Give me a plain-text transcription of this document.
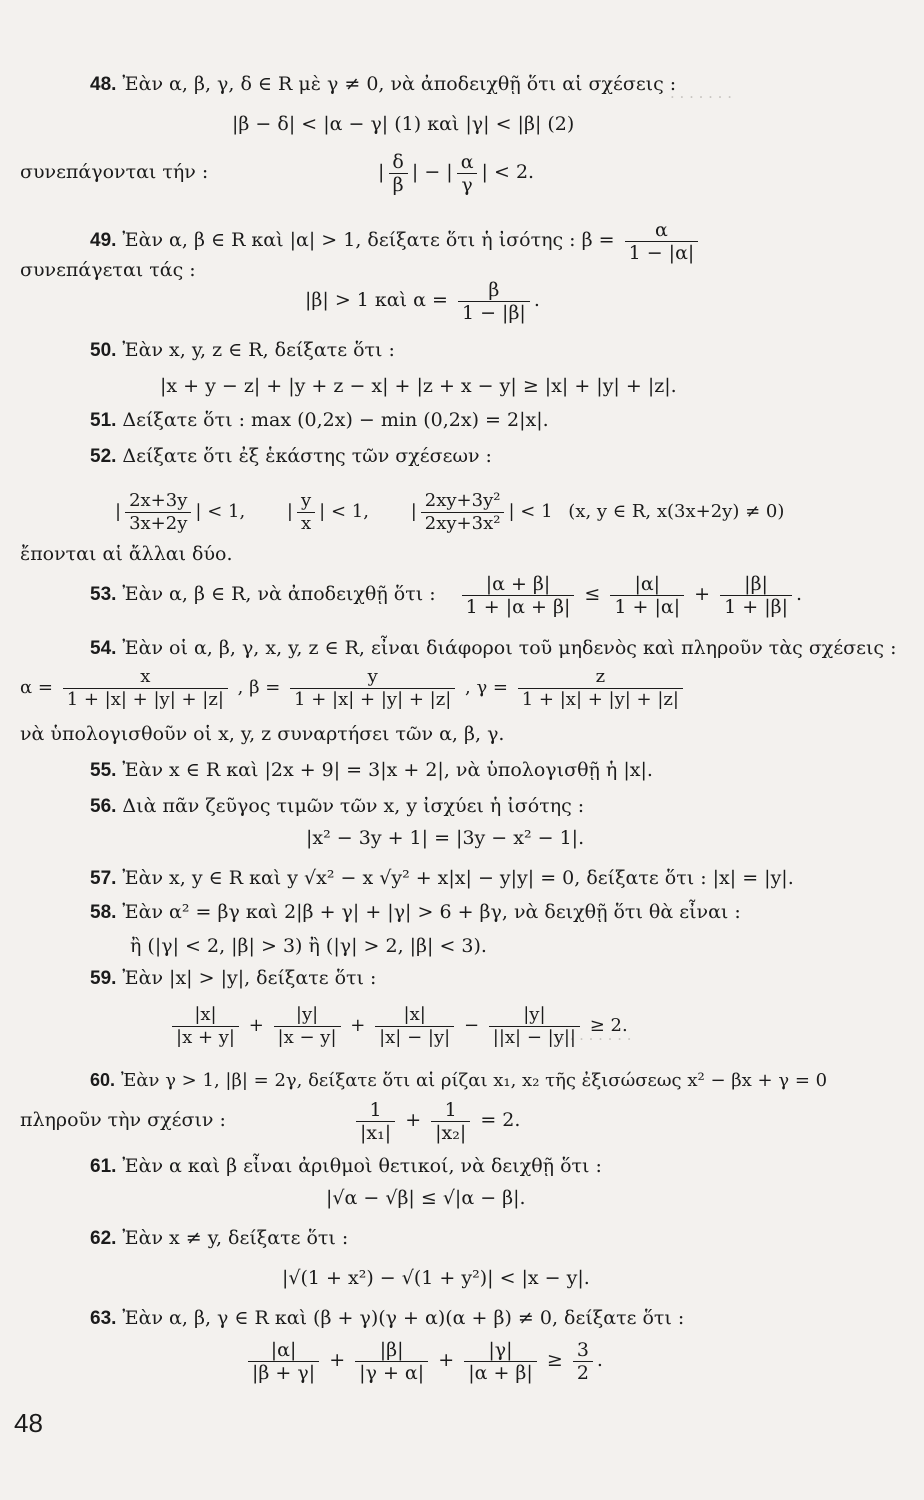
· · · · · · ·
· · · · · · · ·
48. Ἐὰν α, β, γ, δ ∈ R μὲ γ ≠ 0, νὰ ἀποδειχθῇ ὅτι αἱ σχέσεις :
|β − δ| < |α − γ| (1) καὶ |γ| < |β| (2)
συνεπάγονται τήν :	| $\frac{\delta}{\beta}$ | − | $\frac{\alpha}{\gamma}$ | < 2.
49. Ἐὰν α, β ∈ R καὶ |α| > 1, δείξατε ὅτι ἡ ἰσότης : $\beta = \frac{\alpha}{1 - |\alpha|}$
συνεπάγεται τάς :
|β| > 1 καὶ $\alpha = \frac{\beta}{1 - |\beta|}$ .
50. Ἐὰν x, y, z ∈ R, δείξατε ὅτι :
|x + y − z| + |y + z − x| + |z + x − y| ≥ |x| + |y| + |z|.
51. Δείξατε ὅτι : max (0,2x) − min (0,2x) = 2|x|.
52. Δείξατε ὅτι ἐξ ἑκάστης τῶν σχέσεων :
| $\frac{2x+3y}{3x+2y}$ | < 1, | $\frac{y}{x}$ | < 1, | $\frac{\text{2xy+3y²}}{\text{2xy+3x²}}$ | < 1 (x, y ∈ R, x(3x+2y) ≠ 0)
ἔπονται αἱ ἄλλαι δύο.
53. Ἐὰν α, β ∈ R, νὰ ἀποδειχθῇ ὅτι : $\frac{|\alpha + \beta|}{1 + |\alpha + \beta|} \le \frac{|\alpha|}{1 + |\alpha|} + \frac{|\beta|}{1 + |\beta|}$ .
54. Ἐὰν οἱ α, β, γ, x, y, z ∈ R, εἶναι διάφοροι τοῦ μηδενὸς καὶ πληροῦν τὰς σχέσεις :
$\alpha = \frac{x}{1 + |x| + |y| + |z|}$ , $\beta = \frac{y}{1 + |x| + |y| + |z|}$ , $\gamma = \frac{z}{1 + |x| + |y| + |z|}$
νὰ ὑπολογισθοῦν οἱ x, y, z συναρτήσει τῶν α, β, γ.
55. Ἐὰν x ∈ R καὶ |2x + 9| = 3|x + 2|, νὰ ὑπολογισθῇ ἡ |x|.
56. Διὰ πᾶν ζεῦγος τιμῶν τῶν x, y ἰσχύει ἡ ἰσότης :
|x² − 3y + 1| = |3y − x² − 1|.
57. Ἐὰν x, y ∈ R καὶ y √x² − x √y² + x|x| − y|y| = 0, δείξατε ὅτι : |x| = |y|.
58. Ἐὰν α² = βγ καὶ 2|β + γ| + |γ| > 6 + βγ, νὰ δειχθῇ ὅτι θὰ εἶναι :
ἢ (|γ| < 2, |β| > 3) ἢ (|γ| > 2, |β| < 3).
59. Ἐὰν |x| > |y|, δείξατε ὅτι :
$\frac{|x|}{|x + y|} + \frac{|y|}{|x - y|} + \frac{|x|}{|x| - |y|} - \frac{|y|}{||x| - |y||} \ge 2$.
60. Ἐὰν γ > 1, |β| = 2γ, δείξατε ὅτι αἱ ρίζαι x₁, x₂ τῆς ἐξισώσεως x² − βx + γ = 0
πληροῦν τὴν σχέσιν :	$\frac{1}{\text{|x₁|}} + \frac{1}{\text{|x₂|}} = 2$.
61. Ἐὰν α καὶ β εἶναι ἀριθμοὶ θετικοί, νὰ δειχθῇ ὅτι :
|√α − √β| ≤ √|α − β|.
62. Ἐὰν x ≠ y, δείξατε ὅτι :
|√(1 + x²) − √(1 + y²)| < |x − y|.
63. Ἐὰν α, β, γ ∈ R καὶ (β + γ)(γ + α)(α + β) ≠ 0, δείξατε ὅτι :
$\frac{|\alpha|}{|\beta + \gamma|} + \frac{|\beta|}{|\gamma + \alpha|} + \frac{|\gamma|}{|\alpha + \beta|} \ge \frac{3}{2}$ .
48
